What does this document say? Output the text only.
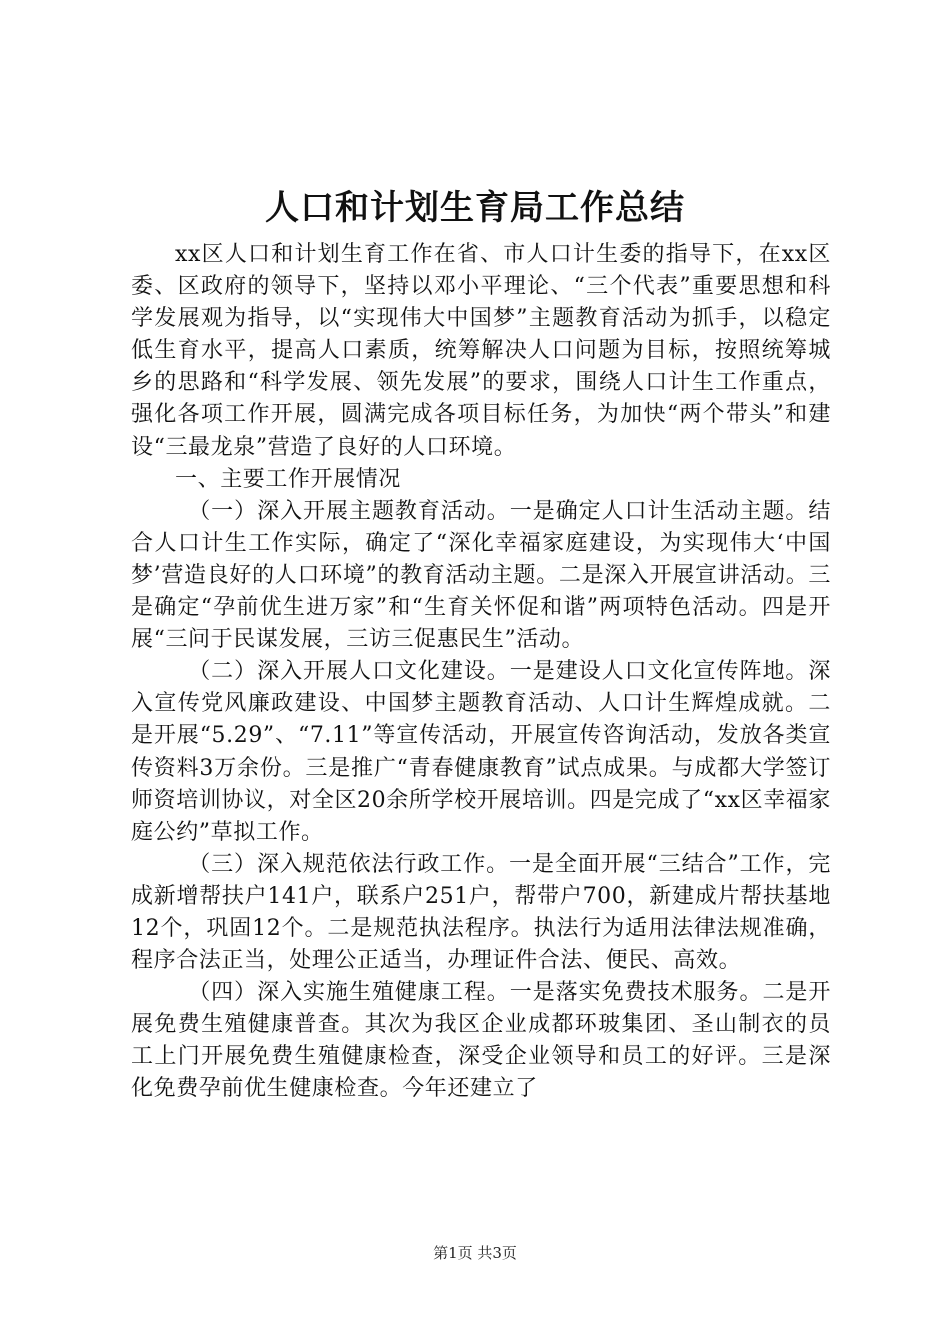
人口和计划生育局工作总结

xx区人口和计划生育工作在省、市人口计生委的指导下，在xx区委、区政府的领导下，坚持以邓小平理论、“三个代表”重要思想和科学发展观为指导，以“实现伟大中国梦”主题教育活动为抓手，以稳定低生育水平，提高人口素质，统筹解决人口问题为目标，按照统筹城乡的思路和“科学发展、领先发展”的要求，围绕人口计生工作重点，强化各项工作开展，圆满完成各项目标任务，为加快“两个带头”和建设“三最龙泉”营造了良好的人口环境。

一、主要工作开展情况

（一）深入开展主题教育活动。一是确定人口计生活动主题。结合人口计生工作实际，确定了“深化幸福家庭建设，为实现伟大‘中国梦’营造良好的人口环境”的教育活动主题。二是深入开展宣讲活动。三是确定“孕前优生进万家”和“生育关怀促和谐”两项特色活动。四是开展“三问于民谋发展，三访三促惠民生”活动。

（二）深入开展人口文化建设。一是建设人口文化宣传阵地。深入宣传党风廉政建设、中国梦主题教育活动、人口计生辉煌成就。二是开展“5.29”、“7.11”等宣传活动，开展宣传咨询活动，发放各类宣传资料3万余份。三是推广“青春健康教育”试点成果。与成都大学签订师资培训协议，对全区20余所学校开展培训。四是完成了“xx区幸福家庭公约”草拟工作。

（三）深入规范依法行政工作。一是全面开展“三结合”工作，完成新增帮扶户141户，联系户251户，帮带户700，新建成片帮扶基地12个，巩固12个。二是规范执法程序。执法行为适用法律法规准确，程序合法正当，处理公正适当，办理证件合法、便民、高效。

（四）深入实施生殖健康工程。一是落实免费技术服务。二是开展免费生殖健康普查。其次为我区企业成都环玻集团、圣山制衣的员工上门开展免费生殖健康检查，深受企业领导和员工的好评。三是深化免费孕前优生健康检查。今年还建立了

第1页 共3页
